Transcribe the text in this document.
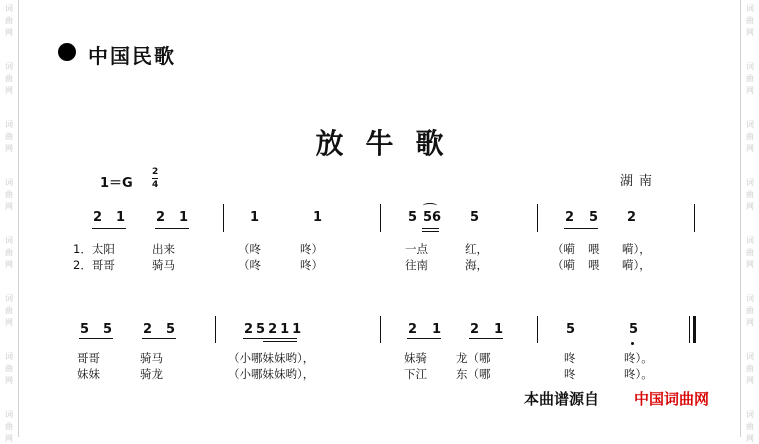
词
曲
网
词
曲
网
词
曲
网
词
曲
网
词
曲
网
词
曲
网
词
曲
网
词
曲
网
词
曲
网
词
曲
网
词
曲
网
词
曲
网
词
曲
网
词
曲
网
词
曲
网
词
曲
网
中国民歌
放牛歌
1＝G
2
4	湖南
2 1 2 1	1	1	5 56 5	2 5 2
1．太阳	出来	（咚	咚）	一点	红，	（嗬 喂 嗬），
2．哥哥	骑马	（咚	咚）	往南	海，	（嗬 喂 嗬），
5 5 2 5	25211	2 1 2 1	5	5
哥哥	骑马	（小哪妹妹哟），	妹骑	龙（哪	咚	咚）。
妹妹	骑龙	（小哪妹妹哟），	下江	东（哪	咚	咚）。
本曲谱源自 中国词曲网
